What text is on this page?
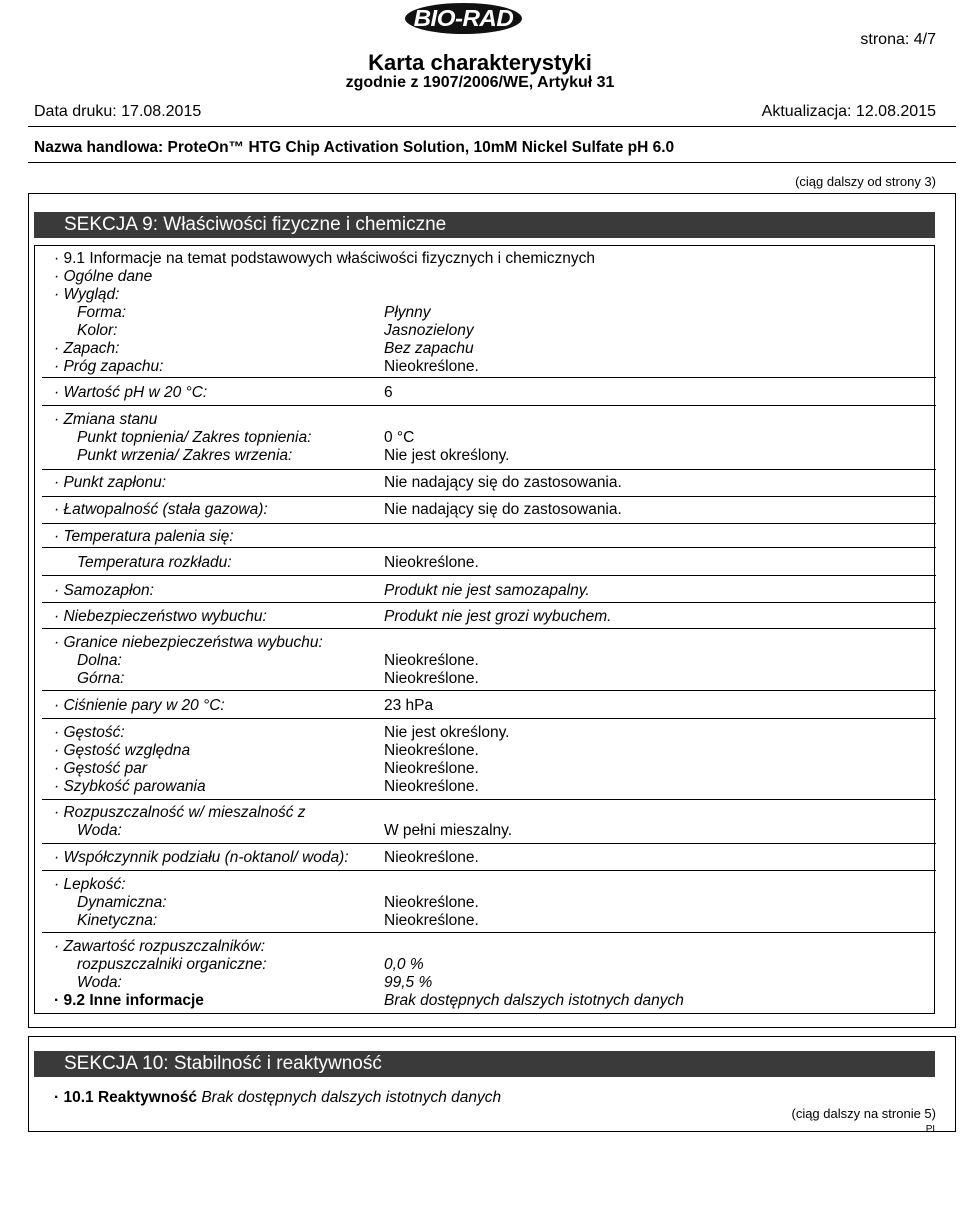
BIO-RAD
strona: 4/7
Karta charakterystyki
zgodnie z 1907/2006/WE, Artykuł 31
Data druku: 17.08.2015	Aktualizacja: 12.08.2015
Nazwa handlowa: ProteOn™ HTG Chip Activation Solution, 10mM Nickel Sulfate pH 6.0
(ciąg dalszy od strony 3)
SEKCJA 9: Właściwości fizyczne i chemiczne
· 9.1 Informacje na temat podstawowych właściwości fizycznych i chemicznych
· Ogólne dane
· Wygląd:
Forma:	Płynny
Kolor:	Jasnozielony
· Zapach:	Bez zapachu
· Próg zapachu:	Nieokreślone.
· Wartość pH w 20 °C:	6
· Zmiana stanu
Punkt topnienia/ Zakres topnienia:	0 °C
Punkt wrzenia/ Zakres wrzenia:	Nie jest określony.
· Punkt zapłonu:	Nie nadający się do zastosowania.
· Łatwopalność (stała gazowa):	Nie nadający się do zastosowania.
· Temperatura palenia się:
Temperatura rozkładu:	Nieokreślone.
· Samozapłon:	Produkt nie jest samozapalny.
· Niebezpieczeństwo wybuchu:	Produkt nie jest grozi wybuchem.
· Granice niebezpieczeństwa wybuchu:
Dolna:	Nieokreślone.
Górna:	Nieokreślone.
· Ciśnienie pary w 20 °C:	23 hPa
· Gęstość:	Nie jest określony.
· Gęstość względna	Nieokreślone.
· Gęstość par	Nieokreślone.
· Szybkość parowania	Nieokreślone.
· Rozpuszczalność w/ mieszalność z
Woda:	W pełni mieszalny.
· Współczynnik podziału (n-oktanol/ woda): Nieokreślone.
· Lepkość:
Dynamiczna:	Nieokreślone.
Kinetyczna:	Nieokreślone.
· Zawartość rozpuszczalników:
rozpuszczalniki organiczne:	0,0 %
Woda:	99,5 %
· 9.2 Inne informacje	Brak dostępnych dalszych istotnych danych
SEKCJA 10: Stabilność i reaktywność
· 10.1 Reaktywność Brak dostępnych dalszych istotnych danych
(ciąg dalszy na stronie 5)
PL
